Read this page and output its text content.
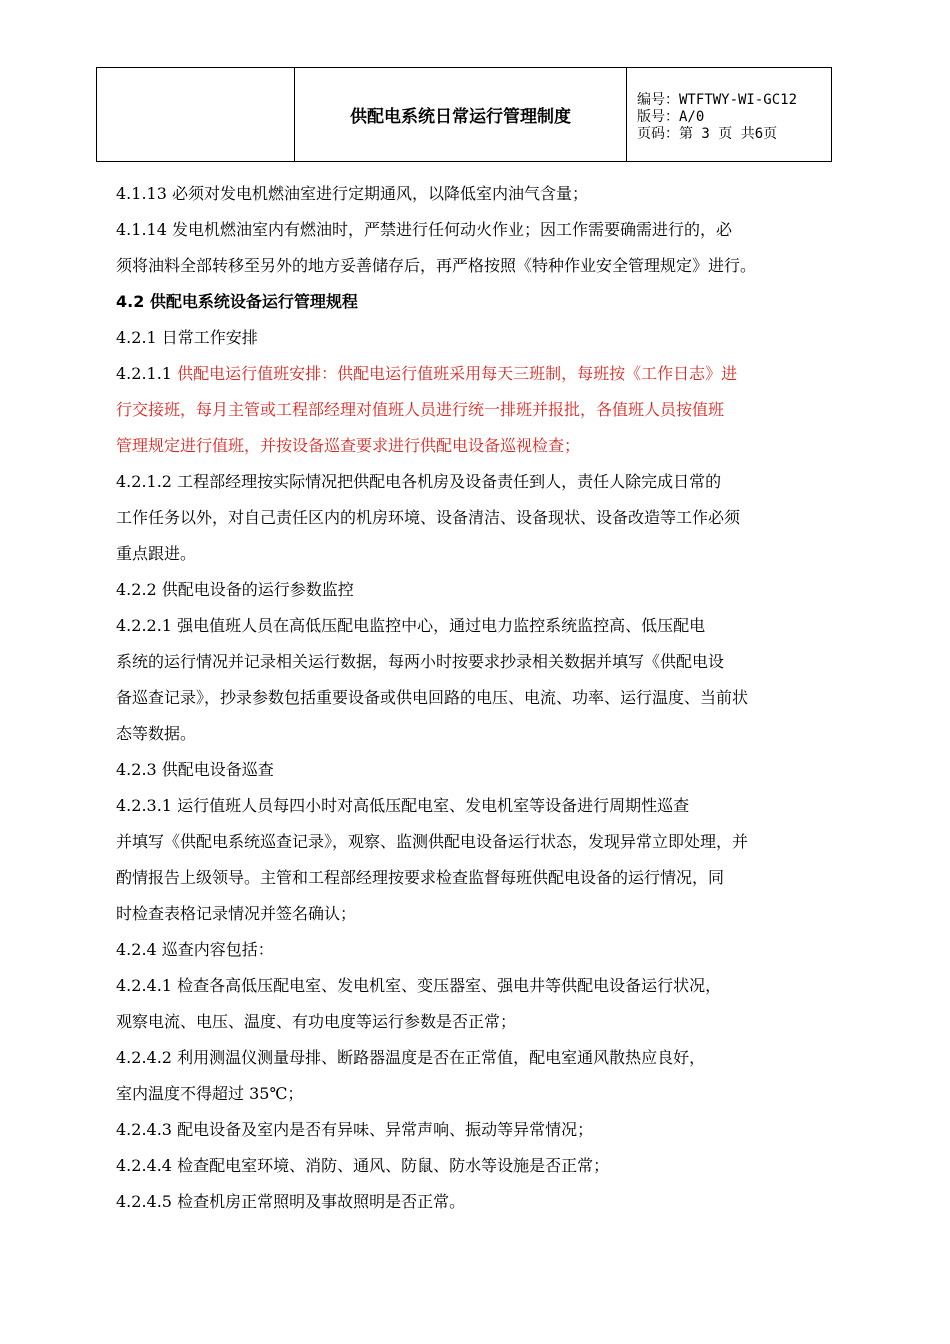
供配电系统日常运行管理制度
编号：WTFTWY-WI-GC12
版号：A/0
页码：第 3 页 共6页

4.1.13 必须对发电机燃油室进行定期通风，以降低室内油气含量；

4.1.14 发电机燃油室内有燃油时，严禁进行任何动火作业；因工作需要确需进行的，必

须将油料全部转移至另外的地方妥善储存后，再严格按照《特种作业安全管理规定》进行。

4.2 供配电系统设备运行管理规程

4.2.1 日常工作安排

4.2.1.1 供配电运行值班安排：供配电运行值班采用每天三班制，每班按《工作日志》进

行交接班，每月主管或工程部经理对值班人员进行统一排班并报批，各值班人员按值班

管理规定进行值班，并按设备巡查要求进行供配电设备巡视检查；

4.2.1.2 工程部经理按实际情况把供配电各机房及设备责任到人，责任人除完成日常的

工作任务以外，对自己责任区内的机房环境、设备清洁、设备现状、设备改造等工作必须

重点跟进。

4.2.2 供配电设备的运行参数监控

4.2.2.1 强电值班人员在高低压配电监控中心，通过电力监控系统监控高、低压配电

系统的运行情况并记录相关运行数据，每两小时按要求抄录相关数据并填写《供配电设

备巡查记录》，抄录参数包括重要设备或供电回路的电压、电流、功率、运行温度、当前状

态等数据。

4.2.3 供配电设备巡查

4.2.3.1 运行值班人员每四小时对高低压配电室、发电机室等设备进行周期性巡查

并填写《供配电系统巡查记录》，观察、监测供配电设备运行状态，发现异常立即处理，并

酌情报告上级领导。主管和工程部经理按要求检查监督每班供配电设备的运行情况，同

时检查表格记录情况并签名确认；

4.2.4 巡查内容包括：

4.2.4.1 检查各高低压配电室、发电机室、变压器室、强电井等供配电设备运行状况，

观察电流、电压、温度、有功电度等运行参数是否正常；

4.2.4.2 利用测温仪测量母排、断路器温度是否在正常值，配电室通风散热应良好，

室内温度不得超过 35℃；

4.2.4.3 配电设备及室内是否有异味、异常声响、振动等异常情况；

4.2.4.4 检查配电室环境、消防、通风、防鼠、防水等设施是否正常；

4.2.4.5 检查机房正常照明及事故照明是否正常。
